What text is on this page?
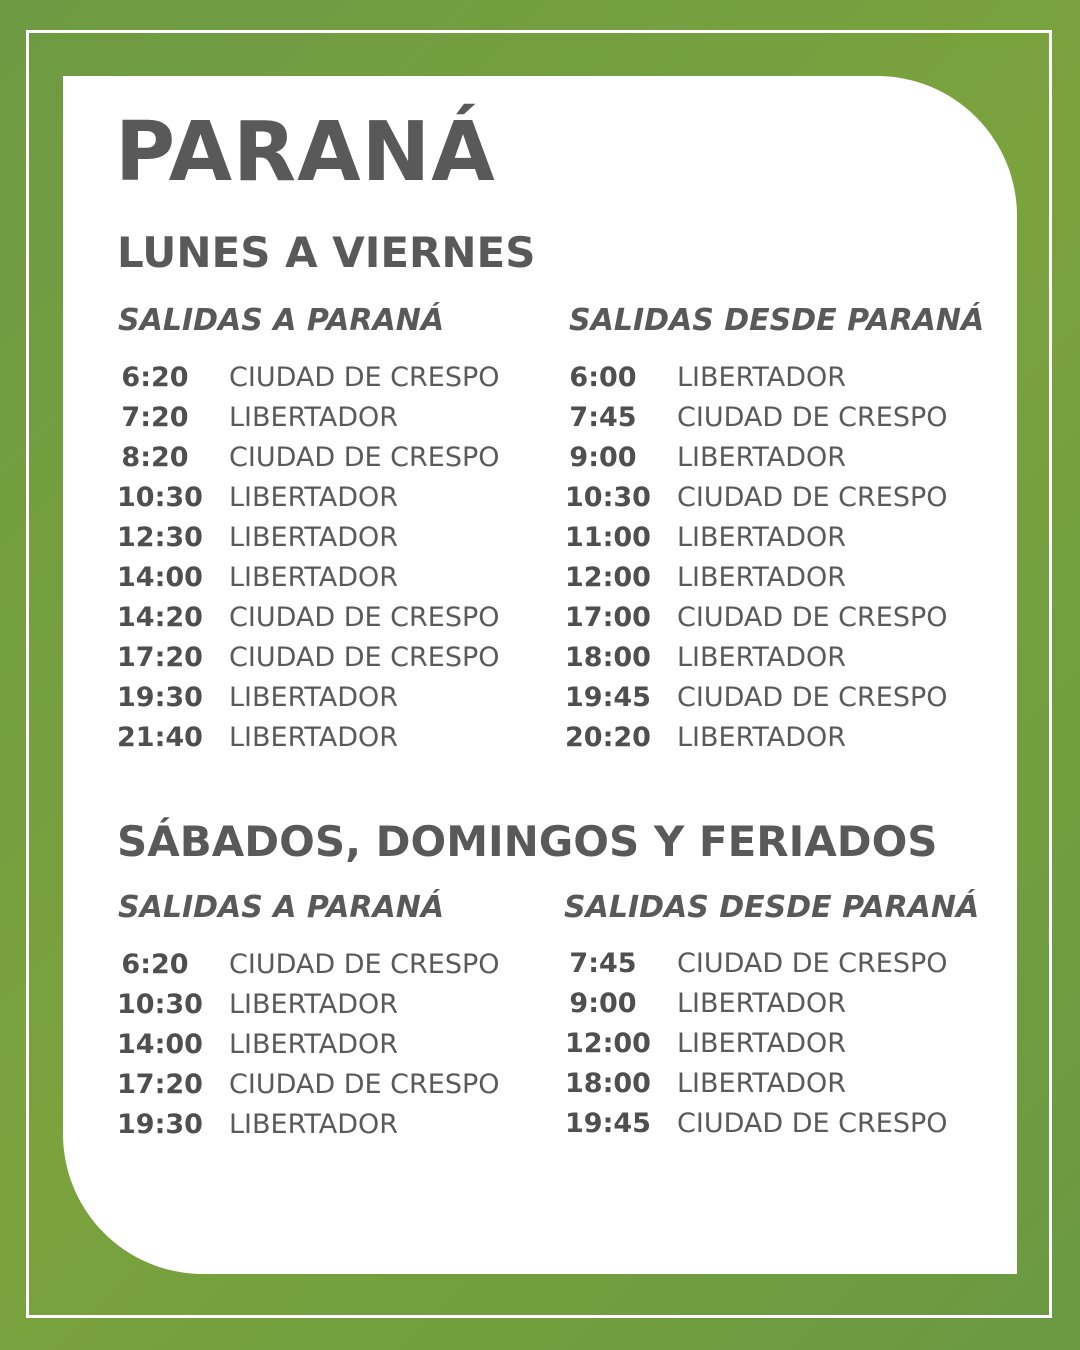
PARANÁ
LUNES A VIERNES
SALIDAS A PARANÁ	SALIDAS DESDE PARANÁ
6:20 CIUDAD DE CRESPO
7:20 LIBERTADOR
8:20 CIUDAD DE CRESPO
10:30 LIBERTADOR
12:30 LIBERTADOR
14:00 LIBERTADOR
14:20 CIUDAD DE CRESPO
17:20 CIUDAD DE CRESPO
19:30 LIBERTADOR
21:40 LIBERTADOR
6:00 LIBERTADOR
7:45 CIUDAD DE CRESPO
9:00 LIBERTADOR
10:30 CIUDAD DE CRESPO
11:00 LIBERTADOR
12:00 LIBERTADOR
17:00 CIUDAD DE CRESPO
18:00 LIBERTADOR
19:45 CIUDAD DE CRESPO
20:20 LIBERTADOR
SÁBADOS, DOMINGOS Y FERIADOS
SALIDAS A PARANÁ	SALIDAS DESDE PARANÁ
6:20 CIUDAD DE CRESPO
10:30 LIBERTADOR
14:00 LIBERTADOR
17:20 CIUDAD DE CRESPO
19:30 LIBERTADOR
7:45 CIUDAD DE CRESPO
9:00 LIBERTADOR
12:00 LIBERTADOR
18:00 LIBERTADOR
19:45 CIUDAD DE CRESPO
